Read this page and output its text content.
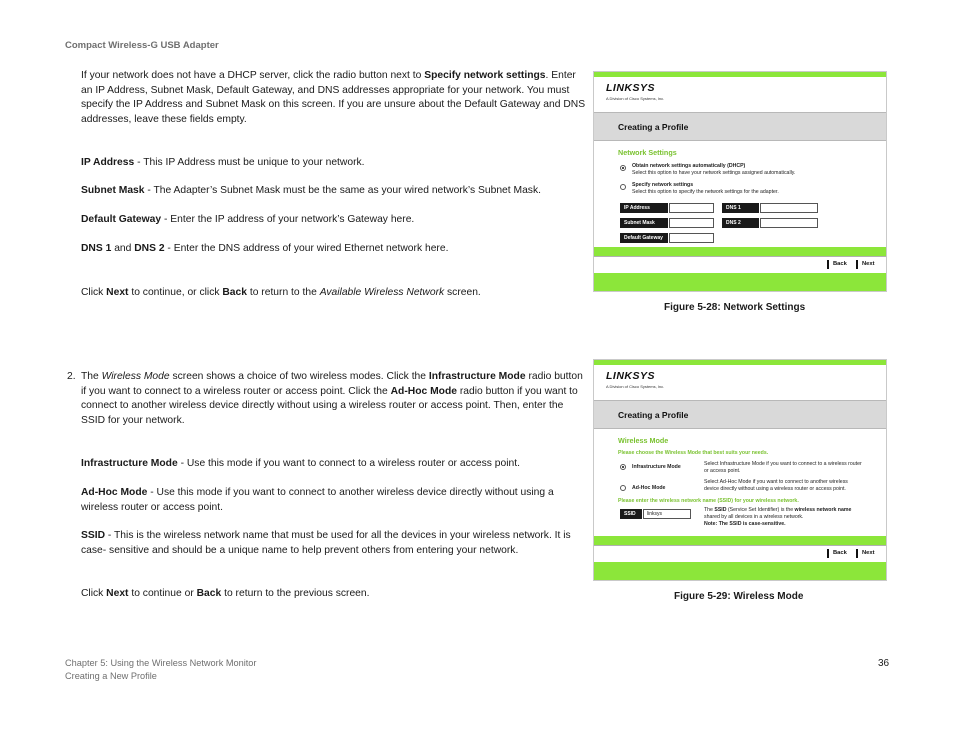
Compact Wireless-G USB Adapter
If your network does not have a DHCP server, click the radio button next to Specify network settings. Enter an IP Address, Subnet Mask, Default Gateway, and DNS addresses appropriate for your network. You must specify the IP Address and Subnet Mask on this screen. If you are unsure about the Default Gateway and DNS addresses, leave these fields empty.
IP Address - This IP Address must be unique to your network.
Subnet Mask - The Adapter’s Subnet Mask must be the same as your wired network’s Subnet Mask.
Default Gateway - Enter the IP address of your network’s Gateway here.
DNS 1 and DNS 2 - Enter the DNS address of your wired Ethernet network here.
Click Next to continue, or click Back to return to the Available Wireless Network screen.
2. The Wireless Mode screen shows a choice of two wireless modes. Click the Infrastructure Mode radio button if you want to connect to a wireless router or access point. Click the Ad-Hoc Mode radio button if you want to connect to another wireless device directly without using a wireless router or access point. Then, enter the SSID for your network.
Infrastructure Mode - Use this mode if you want to connect to a wireless router or access point.
Ad-Hoc Mode - Use this mode if you want to connect to another wireless device directly without using a wireless router or access point.
SSID - This is the wireless network name that must be used for all the devices in your wireless network. It is case- sensitive and should be a unique name to help prevent others from entering your network.
Click Next to continue or Back to return to the previous screen.
LINKSYS
A Division of Cisco Systems, Inc.
Creating a Profile
Network Settings
Obtain network settings automatically (DHCP)
Select this option to have your network settings assigned automatically.
Specify network settings
Select this option to specify the network settings for the adapter.
IP Address	DNS 1
Subnet Mask	DNS 2
Default Gateway
Back	Next
Figure 5-28: Network Settings
LINKSYS
A Division of Cisco Systems, Inc.
Creating a Profile
Wireless Mode
Please choose the Wireless Mode that best suits your needs.
Infrastructure Mode	Select Infrastructure Mode if you want to connect to a wireless router or access point.
Ad-Hoc Mode
Select Ad-Hoc Mode if you want to connect to another wireless device directly without using a wireless router or access point.
Please enter the wireless network name (SSID) for your wireless network.
SSID	linksys
The SSID (Service Set Identifier) is the wireless network name shared by all devices in a wireless network.
Note: The SSID is case-sensitive.
Back	Next
Figure 5-29: Wireless Mode
Chapter 5: Using the Wireless Network Monitor
Creating a New Profile
36
